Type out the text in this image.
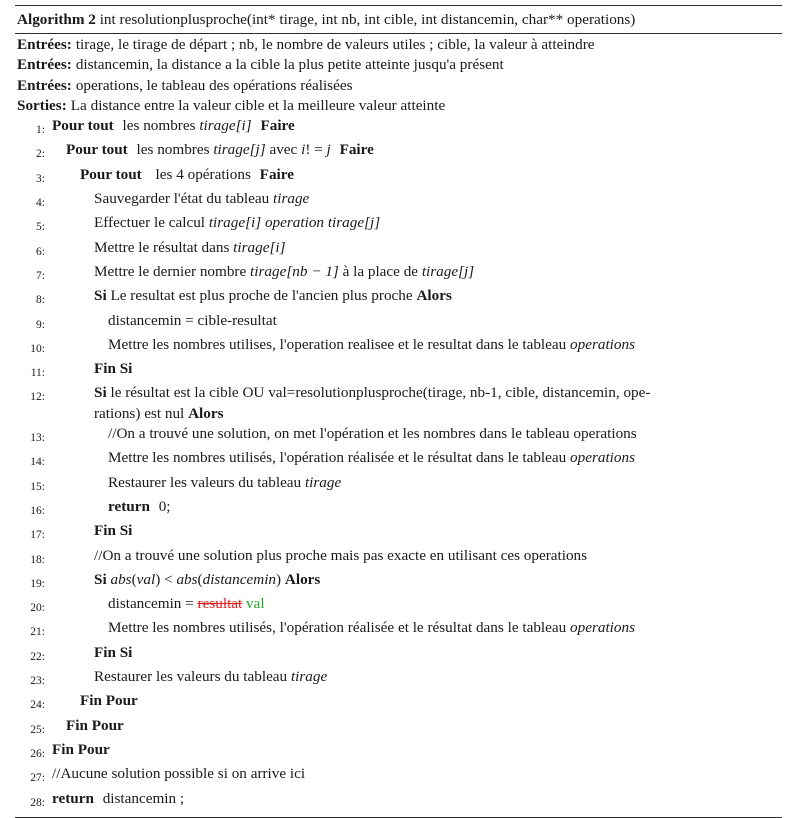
Algorithm 2 int resolutionplusproche(int* tirage, int nb, int cible, int distancemin, char** operations)
Entrées: tirage, le tirage de départ ; nb, le nombre de valeurs utiles ; cible, la valeur à atteindre
Entrées: distancemin, la distance a la cible la plus petite atteinte jusqu'a présent
Entrées: operations, le tableau des opérations réalisées
Sorties: La distance entre la valeur cible et la meilleure valeur atteinte
1 : Pour tout les nombres tirage[i] Faire
2 :	Pour tout les nombres tirage[j] avec i! = j Faire
3 :	Pour tout les 4 opérations Faire
4 :	Sauvegarder l'état du tableau tirage
5 :	Effectuer le calcul tirage[i] operation tirage[j]
6 :	Mettre le résultat dans tirage[i]
7 :	Mettre le dernier nombre tirage[nb − 1] à la place de tirage[j]
8 :	Si Le resultat est plus proche de l'ancien plus proche Alors
9 :	distancemin = cible-resultat
10 :	Mettre les nombres utilises, l'operation realisee et le resultat dans le tableau operations
11 :	Fin Si
12 :	Si le résultat est la cible OU val=resolutionplusproche(tirage, nb-1, cible, distancemin, ope-
rations) est nul Alors
13 :	//On a trouvé une solution, on met l'opération et les nombres dans le tableau operations
14 :	Mettre les nombres utilisés, l'opération réalisée et le résultat dans le tableau operations
15 :	Restaurer les valeurs du tableau tirage
16 :	return 0;
17 :	Fin Si
18 :	//On a trouvé une solution plus proche mais pas exacte en utilisant ces operations
19 :	Si abs(val) < abs(distancemin) Alors
20 :	distancemin = resultat val
21 :	Mettre les nombres utilisés, l'opération réalisée et le résultat dans le tableau operations
22 :	Fin Si
23 :	Restaurer les valeurs du tableau tirage
24 :	Fin Pour
25 :	Fin Pour
26 : Fin Pour
27 : //Aucune solution possible si on arrive ici
28 : return distancemin ;
